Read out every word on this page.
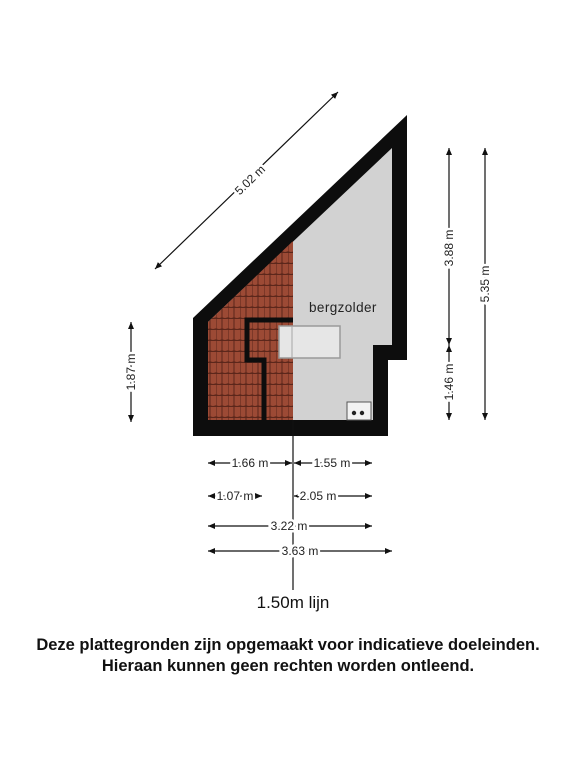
bergzolder
5.02 m
1.87 m
3.88 m
1.46 m
5.35 m
1.66 m	1.55 m
1.07 m	2.05 m
3.22 m
3.63 m
1.50m lijn
Deze plattegronden zijn opgemaakt voor indicatieve doeleinden.
Hieraan kunnen geen rechten worden ontleend.
